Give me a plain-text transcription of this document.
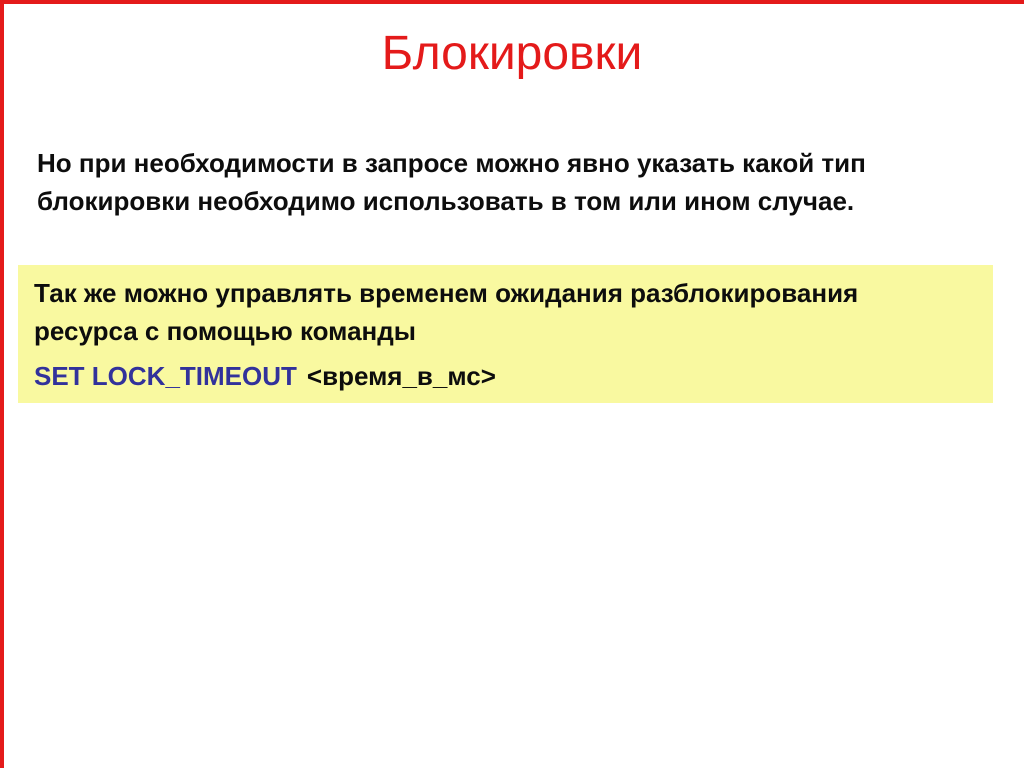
Блокировки
Но при необходимости в запросе можно явно указать какой тип
блокировки необходимо использовать в том или ином случае.

Так же можно управлять временем ожидания разблокирования
ресурса с помощью команды

SET LOCK_TIMEOUT <время_в_мс>
